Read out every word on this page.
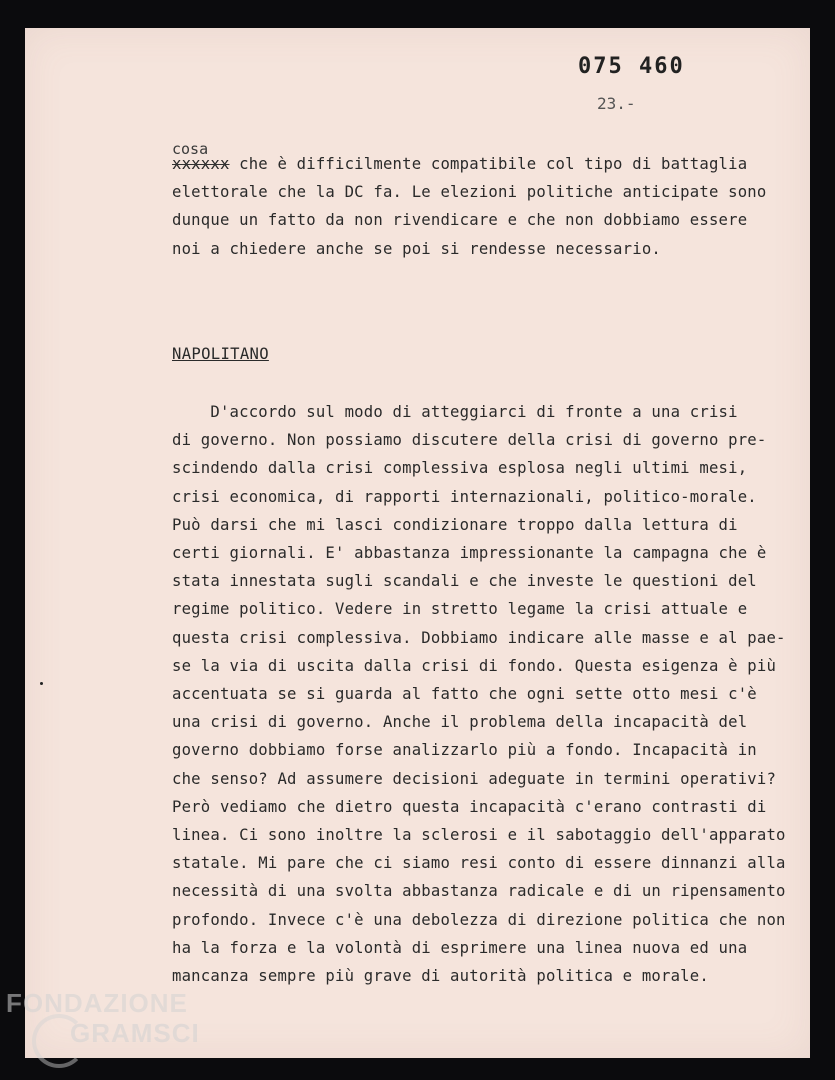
075 460
23.-
cosa
xxxxxx che è difficilmente compatibile col tipo di battaglia
elettorale che la DC fa. Le elezioni politiche anticipate sono
dunque un fatto da non rivendicare e che non dobbiamo essere
noi a chiedere anche se poi si rendesse necessario.
NAPOLITANO
D'accordo sul modo di atteggiarci di fronte a una crisi
di governo. Non possiamo discutere della crisi di governo pre-
scindendo dalla crisi complessiva esplosa negli ultimi mesi,
crisi economica, di rapporti internazionali, politico-morale.
Può darsi che mi lasci condizionare troppo dalla lettura di
certi giornali. E' abbastanza impressionante la campagna che è
stata innestata sugli scandali e che investe le questioni del
regime politico. Vedere in stretto legame la crisi attuale e
questa crisi complessiva. Dobbiamo indicare alle masse e al pae-
se la via di uscita dalla crisi di fondo. Questa esigenza è più
accentuata se si guarda al fatto che ogni sette otto mesi c'è
una crisi di governo. Anche il problema della incapacità del
governo dobbiamo forse analizzarlo più a fondo. Incapacità in
che senso? Ad assumere decisioni adeguate in termini operativi?
Però vediamo che dietro questa incapacità c'erano contrasti di
linea. Ci sono inoltre la sclerosi e il sabotaggio dell'apparato
statale. Mi pare che ci siamo resi conto di essere dinnanzi alla
necessità di una svolta abbastanza radicale e di un ripensamento
profondo. Invece c'è una debolezza di direzione politica che non
ha la forza e la volontà di esprimere una linea nuova ed una
mancanza sempre più grave di autorità politica e morale.
FONDAZIONE
GRAMSCI
